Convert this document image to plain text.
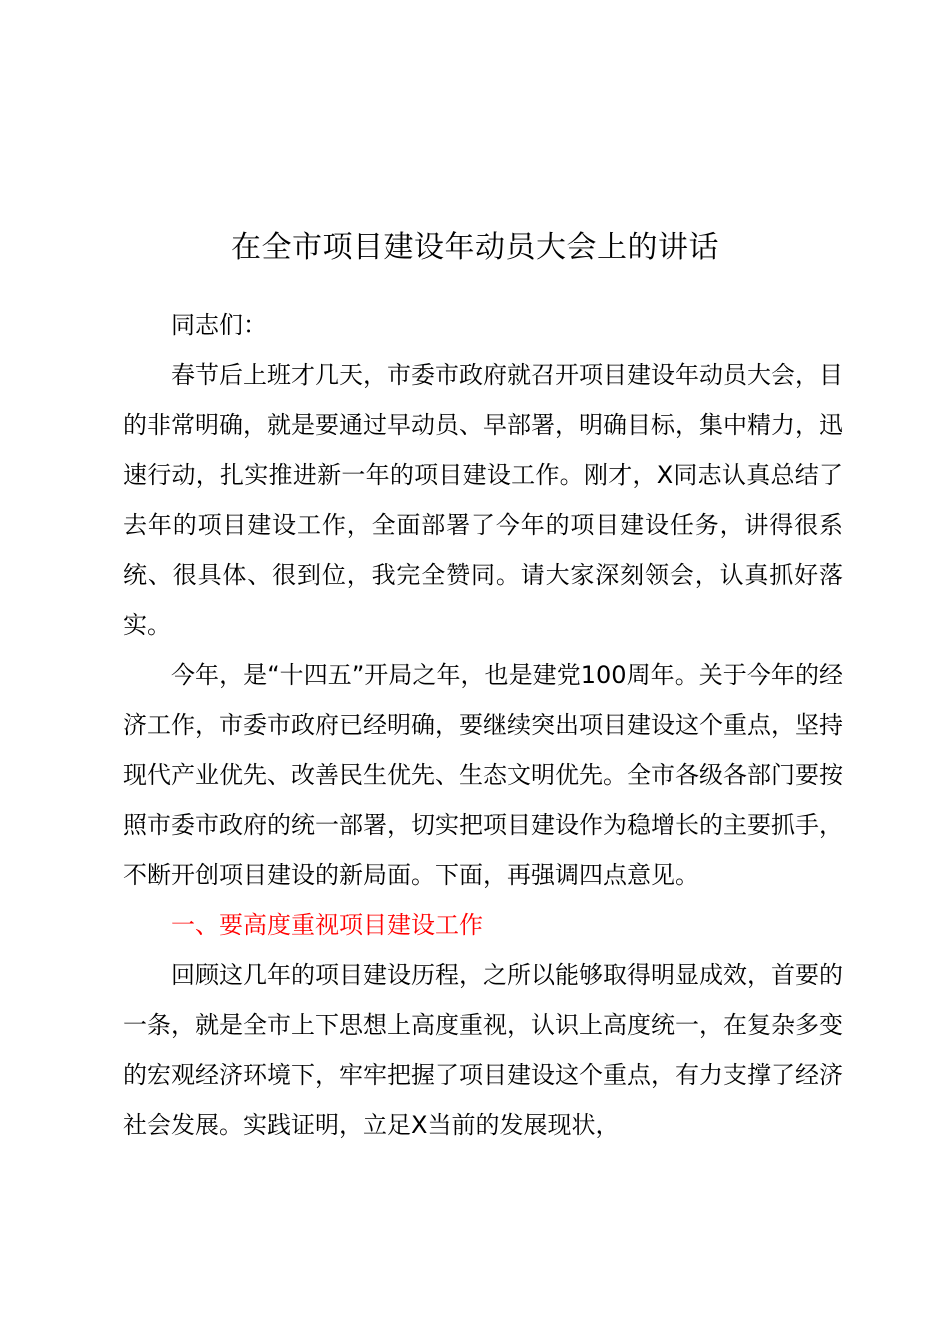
在全市项目建设年动员大会上的讲话

同志们：

春节后上班才几天，市委市政府就召开项目建设年动员大会，目的非常明确，就是要通过早动员、早部署，明确目标，集中精力，迅速行动，扎实推进新一年的项目建设工作。刚才，X同志认真总结了去年的项目建设工作，全面部署了今年的项目建设任务，讲得很系统、很具体、很到位，我完全赞同。请大家深刻领会，认真抓好落实。

今年，是“十四五”开局之年，也是建党100周年。关于今年的经济工作，市委市政府已经明确，要继续突出项目建设这个重点，坚持现代产业优先、改善民生优先、生态文明优先。全市各级各部门要按照市委市政府的统一部署，切实把项目建设作为稳增长的主要抓手，不断开创项目建设的新局面。下面，再强调四点意见。

一、要高度重视项目建设工作

回顾这几年的项目建设历程，之所以能够取得明显成效，首要的一条，就是全市上下思想上高度重视，认识上高度统一，在复杂多变的宏观经济环境下，牢牢把握了项目建设这个重点，有力支撑了经济社会发展。实践证明，立足X当前的发展现状，
